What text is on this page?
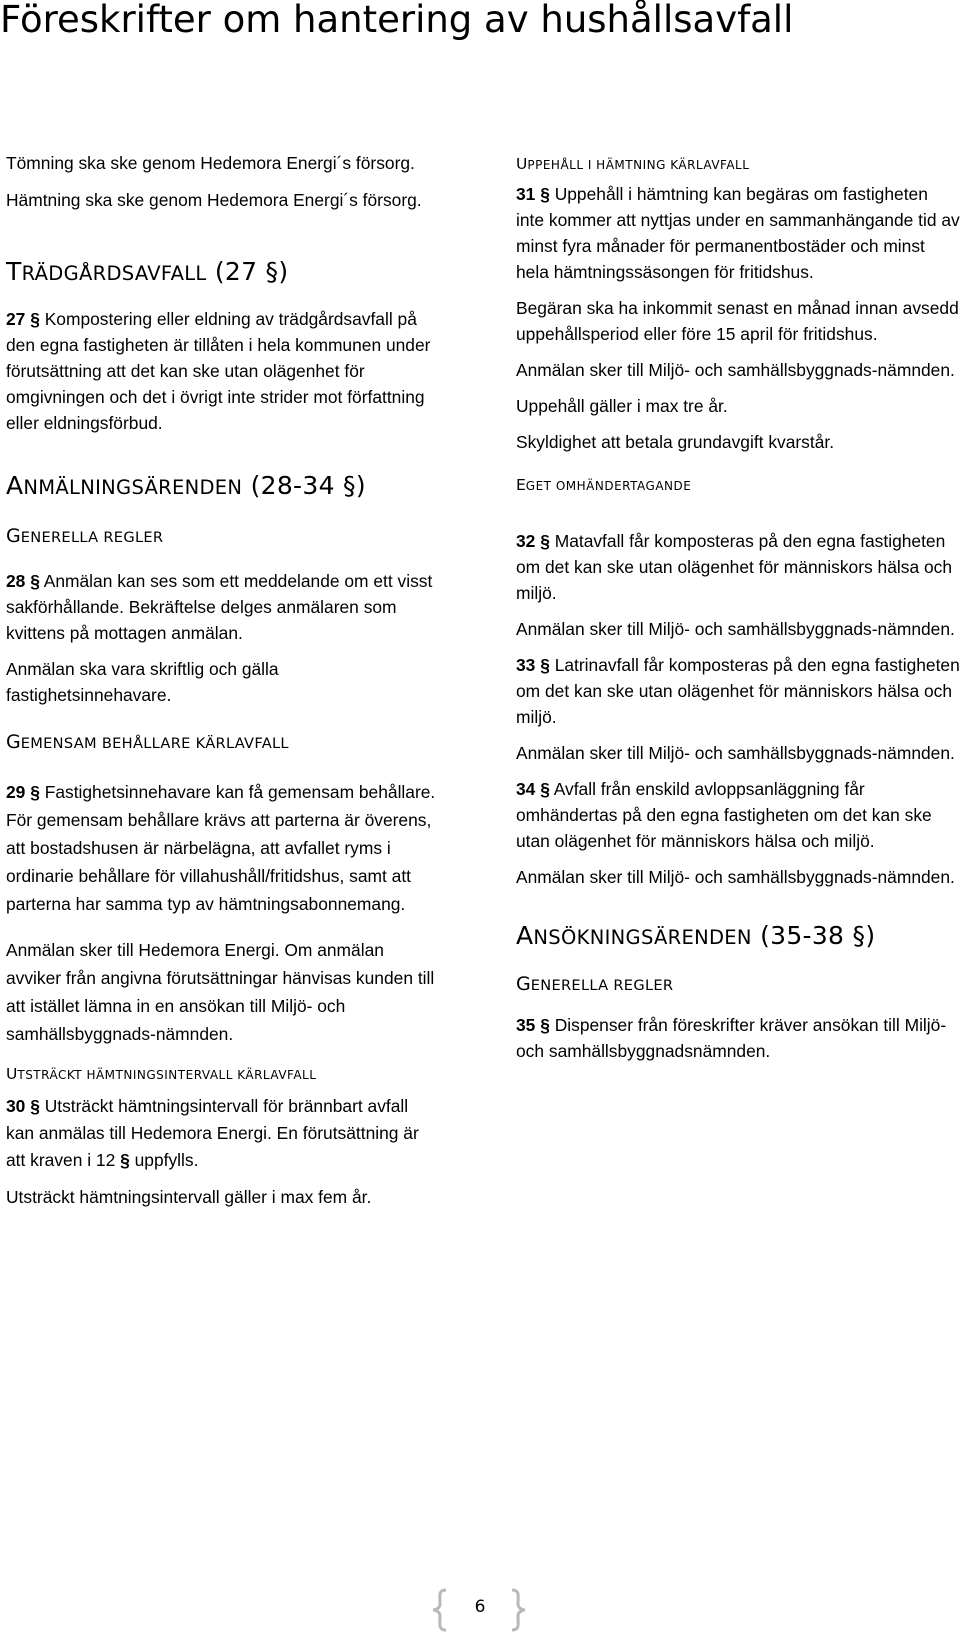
Föreskrifter om hantering av hushållsavfall

Tömning ska ske genom Hedemora Energi´s försorg.

Hämtning ska ske genom Hedemora Energi´s försorg.

TRÄDGÅRDSAVFALL (27 §)

27 § Kompostering eller eldning av trädgårdsavfall på den egna fastigheten är tillåten i hela kommunen under förutsättning att det kan ske utan olägenhet för omgivningen och det i övrigt inte strider mot författning eller eldningsförbud.

ANMÄLNINGSÄRENDEN (28-34 §)
GENERELLA REGLER

28 § Anmälan kan ses som ett meddelande om ett visst sakförhållande. Bekräftelse delges anmälaren som kvittens på mottagen anmälan.

Anmälan ska vara skriftlig och gälla fastighetsinnehavare.

GEMENSAM BEHÅLLARE KÄRLAVFALL

29 § Fastighetsinnehavare kan få gemensam behållare. För gemensam behållare krävs att parterna är överens, att bostadshusen är närbelägna, att avfallet ryms i ordinarie behållare för villahushåll/fritidshus, samt att parterna har samma typ av hämtningsabonnemang.

Anmälan sker till Hedemora Energi. Om anmälan avviker från angivna förutsättningar hänvisas kunden till att istället lämna in en ansökan till Miljö- och samhällsbyggnads-nämnden.

UTSTRÄCKT HÄMTNINGSINTERVALL KÄRLAVFALL

30 § Utsträckt hämtningsintervall för brännbart avfall kan anmälas till Hedemora Energi. En förutsättning är att kraven i 12 § uppfylls.

Utsträckt hämtningsintervall gäller i max fem år.

UPPEHÅLL I HÄMTNING KÄRLAVFALL

31 § Uppehåll i hämtning kan begäras om fastigheten inte kommer att nyttjas under en sammanhängande tid av minst fyra månader för permanentbostäder och minst hela hämtningssäsongen för fritidshus.

Begäran ska ha inkommit senast en månad innan avsedd uppehållsperiod eller före 15 april för fritidshus.

Anmälan sker till Miljö- och samhällsbyggnads-nämnden.

Uppehåll gäller i max tre år.

Skyldighet att betala grundavgift kvarstår.

EGET OMHÄNDERTAGANDE

32 § Matavfall får komposteras på den egna fastigheten om det kan ske utan olägenhet för människors hälsa och miljö.

Anmälan sker till Miljö- och samhällsbyggnads-nämnden.

33 § Latrinavfall får komposteras på den egna fastigheten om det kan ske utan olägenhet för människors hälsa och miljö.

Anmälan sker till Miljö- och samhällsbyggnads-nämnden.

34 § Avfall från enskild avloppsanläggning får omhändertas på den egna fastigheten om det kan ske utan olägenhet för människors hälsa och miljö.

Anmälan sker till Miljö- och samhällsbyggnads-nämnden.

ANSÖKNINGSÄRENDEN (35-38 §)
GENERELLA REGLER

35 § Dispenser från föreskrifter kräver ansökan till Miljö- och samhällsbyggnadsnämnden.

6
